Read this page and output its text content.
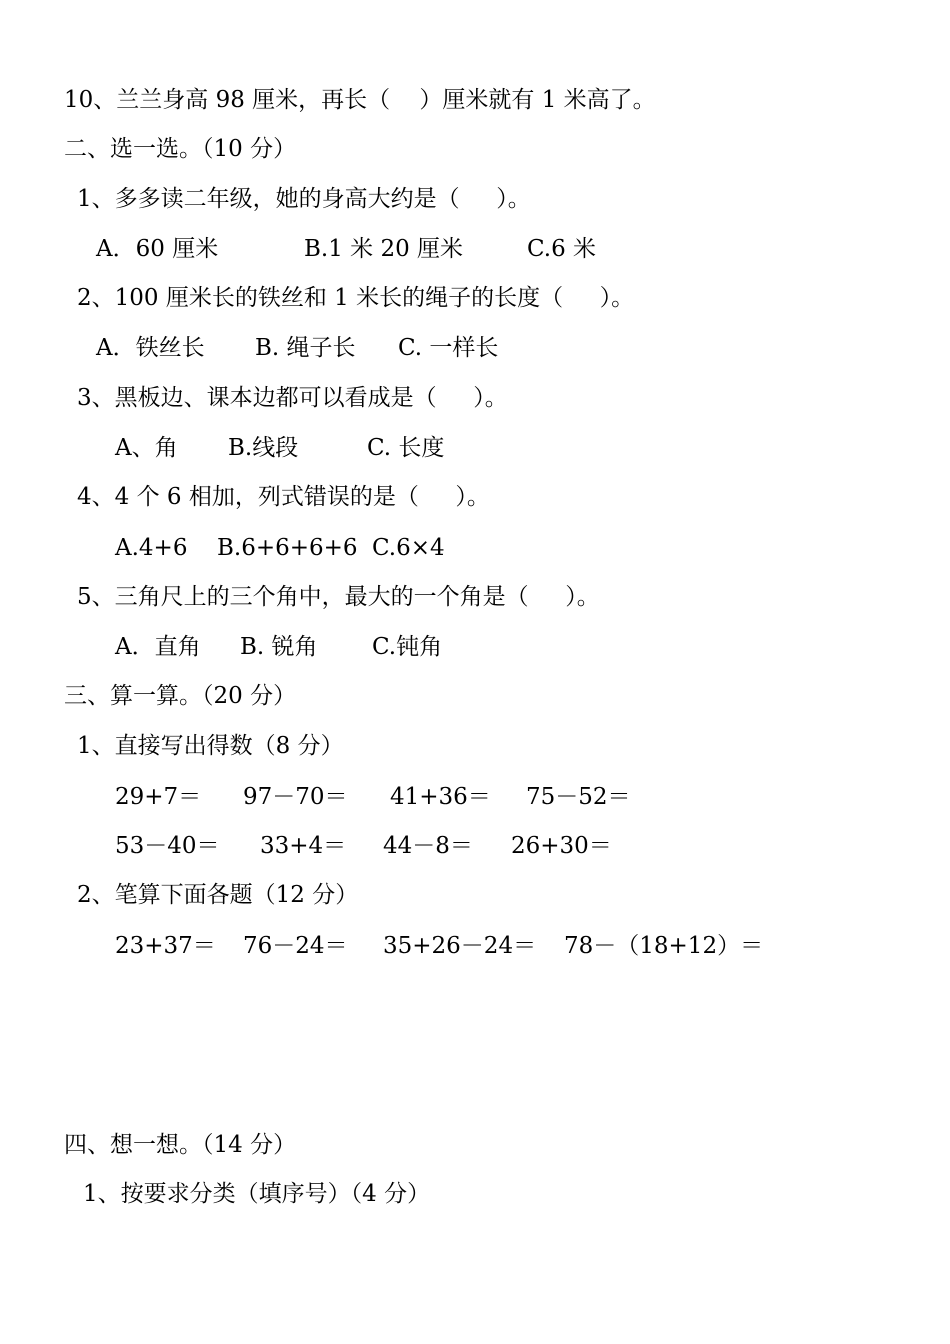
10、兰兰身高 98 厘米，再长（    ）厘米就有 1 米高了。
二、选一选。（10 分）
1、多多读二年级，她的身高大约是（     ）。
A．60 厘米	B.1 米 20 厘米	C.6 米
2、100 厘米长的铁丝和 1 米长的绳子的长度（     ）。
A．铁丝长 B. 绳子长 C. 一样长
3、黑板边、课本边都可以看成是（     ）。
A、角 B.线段	C. 长度
4、4 个 6 相加，列式错误的是（     ）。
A.4+6 B.6+6+6+6 C.6×4
5、三角尺上的三个角中，最大的一个角是（     ）。
A．直角 B. 锐角 C.钝角
三、算一算。（20 分）
1、直接写出得数（8 分）
29+7＝ 97－70＝ 41+36＝ 75－52＝
53－40＝ 33+4＝ 44－8＝ 26+30＝
2、笔算下面各题（12 分）
23+37＝ 76－24＝ 35+26－24＝ 78－（18+12）＝
四、想一想。（14 分）
1、按要求分类（填序号）（4 分）
